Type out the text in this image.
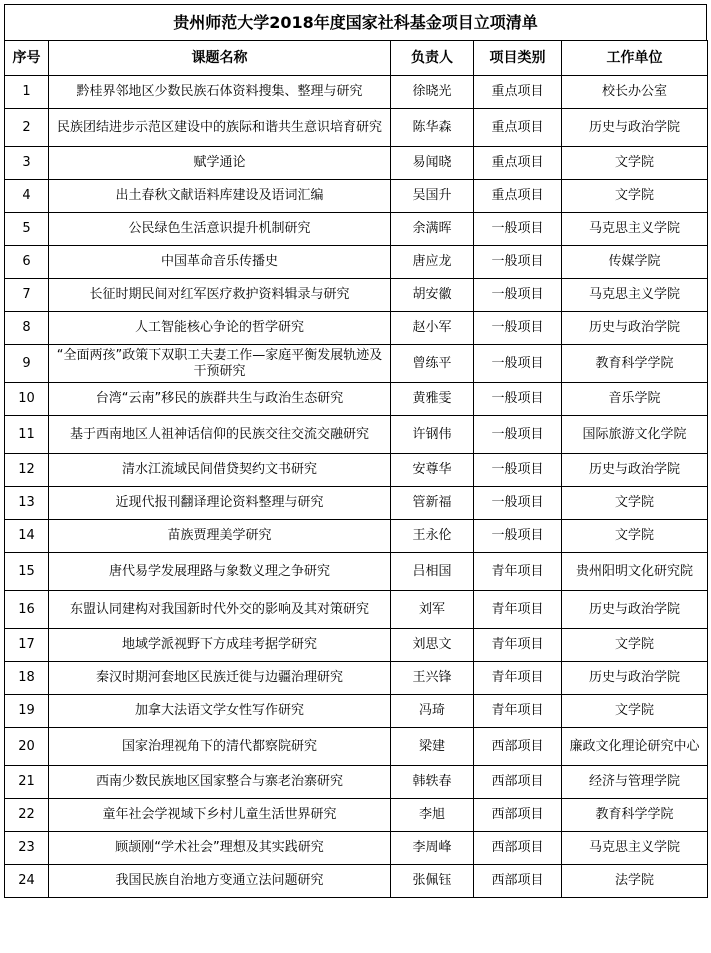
贵州师范大学2018年度国家社科基金项目立项清单
序号	课题名称	负责人	项目类别	工作单位
1	黔桂界邻地区少数民族石体资料搜集、整理与研究	徐晓光	重点项目	校长办公室
2	民族团结进步示范区建设中的族际和谐共生意识培育研究	陈华森	重点项目	历史与政治学院
3	赋学通论	易闻晓	重点项目	文学院
4	出土春秋文献语料库建设及语词汇编	吴国升	重点项目	文学院
5	公民绿色生活意识提升机制研究	余满晖	一般项目	马克思主义学院
6	中国革命音乐传播史	唐应龙	一般项目	传媒学院
7	长征时期民间对红军医疗救护资料辑录与研究	胡安徽	一般项目	马克思主义学院
8	人工智能核心争论的哲学研究	赵小军	一般项目	历史与政治学院
9	“全面两孩”政策下双职工夫妻工作—家庭平衡发展轨迹及干预研究	曾练平	一般项目	教育科学学院
10	台湾“云南”移民的族群共生与政治生态研究	黄雅雯	一般项目	音乐学院
11	基于西南地区人祖神话信仰的民族交往交流交融研究	许钢伟	一般项目	国际旅游文化学院
12	清水江流域民间借贷契约文书研究	安尊华	一般项目	历史与政治学院
13	近现代报刊翻译理论资料整理与研究	管新福	一般项目	文学院
14	苗族贾理美学研究	王永伦	一般项目	文学院
15	唐代易学发展理路与象数义理之争研究	吕相国	青年项目	贵州阳明文化研究院
16	东盟认同建构对我国新时代外交的影响及其对策研究	刘军	青年项目	历史与政治学院
17	地域学派视野下方成珪考据学研究	刘思文	青年项目	文学院
18	秦汉时期河套地区民族迁徙与边疆治理研究	王兴锋	青年项目	历史与政治学院
19	加拿大法语文学女性写作研究	冯琦	青年项目	文学院
20	国家治理视角下的清代都察院研究	梁建	西部项目	廉政文化理论研究中心
21	西南少数民族地区国家整合与寨老治寨研究	韩轶春	西部项目	经济与管理学院
22	童年社会学视域下乡村儿童生活世界研究	李旭	西部项目	教育科学学院
23	顾颉刚“学术社会”理想及其实践研究	李周峰	西部项目	马克思主义学院
24	我国民族自治地方变通立法问题研究	张佩钰	西部项目	法学院
